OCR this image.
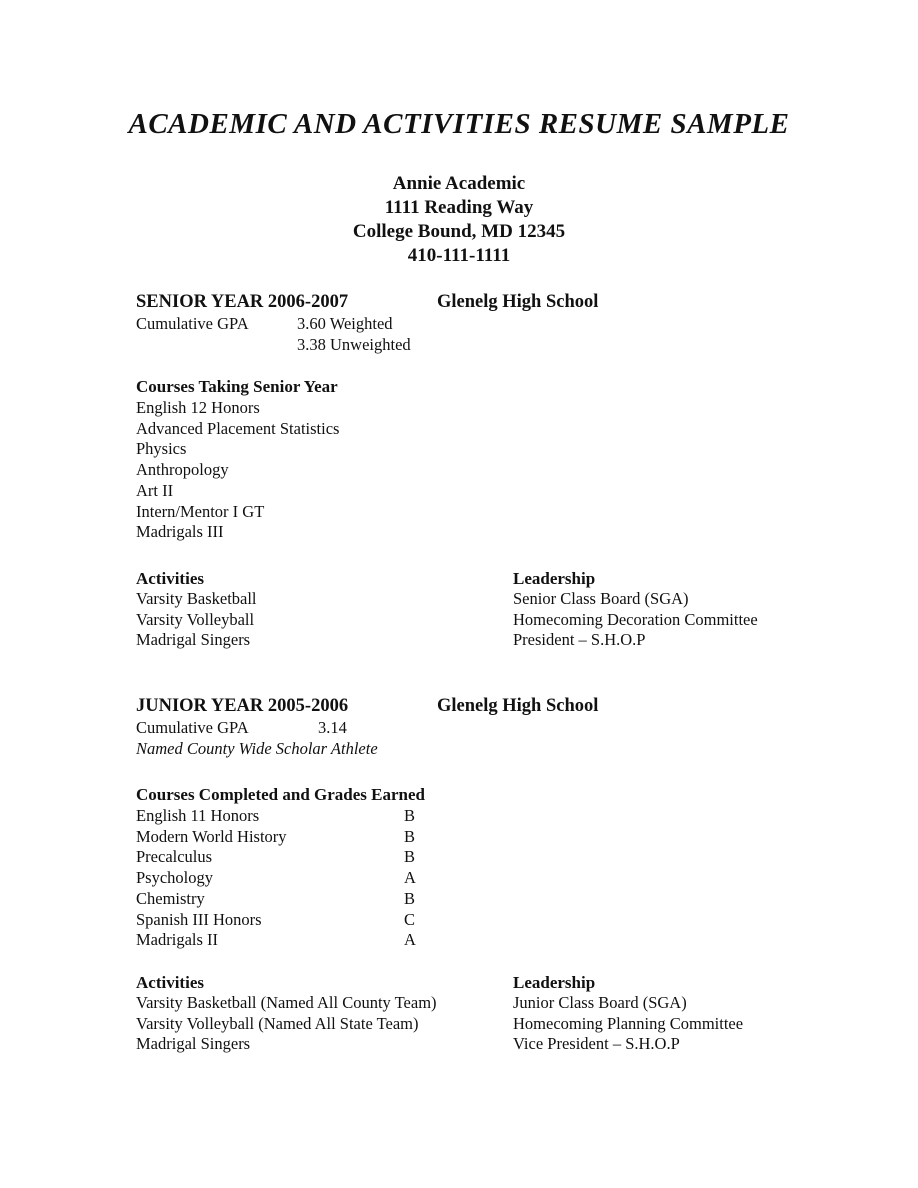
ACADEMIC AND ACTIVITIES RESUME SAMPLE
Annie Academic
1111 Reading Way
College Bound, MD 12345
410-111-1111
SENIOR YEAR 2006-2007	Glenelg High School
Cumulative GPA	3.60 Weighted
3.38 Unweighted
Courses Taking Senior Year
English 12 Honors
Advanced Placement Statistics
Physics
Anthropology
Art II
Intern/Mentor I GT
Madrigals III
Activities
Varsity Basketball
Varsity Volleyball
Madrigal Singers
Leadership
Senior Class Board (SGA)
Homecoming Decoration Committee
President – S.H.O.P
JUNIOR YEAR 2005-2006	Glenelg High School
Cumulative GPA	3.14
Named County Wide Scholar Athlete
Courses Completed and Grades Earned
English 11 Honors	B
Modern World History	B
Precalculus	B
Psychology	A
Chemistry	B
Spanish III Honors	C
Madrigals II	A
Activities
Varsity Basketball (Named All County Team)
Varsity Volleyball (Named All State Team)
Madrigal Singers
Leadership
Junior Class Board (SGA)
Homecoming Planning Committee
Vice President – S.H.O.P
